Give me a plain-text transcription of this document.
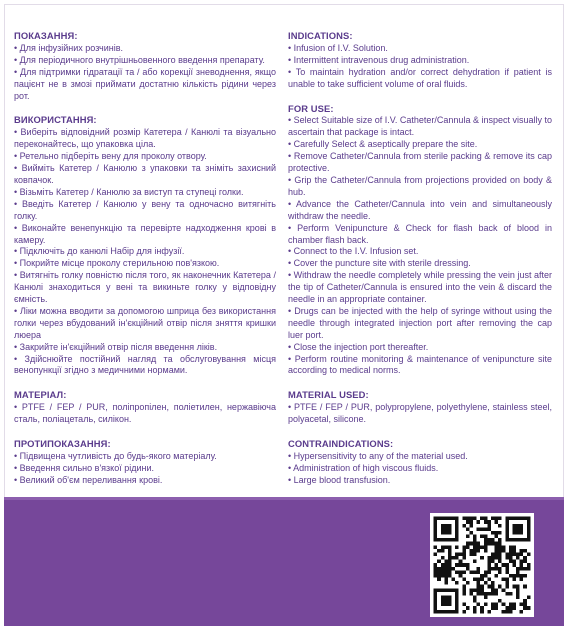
ПОКАЗАННЯ:

• Для інфузійних розчинів.

• Для періодичного внутрішньовенного введення препарату.

• Для підтримки гідратації та / або корекції зневоднення, якщо пацієнт не в змозі приймати достатню кількість рідини через рот.

ВИКОРИСТАННЯ:

• Виберіть відповідний розмір Катетера / Канюлі та візуально переконайтесь, що упаковка ціла.

• Ретельно підберіть вену для проколу отвору.

• Вийміть Катетер / Канюлю з упаковки та зніміть захисний ковпачок.

• Візьміть Катетер / Канюлю за виступ та ступеці голки.

• Введіть Катетер / Канюлю у вену та одночасно витягніть голку.

• Виконайте венепункцію та перевірте надходження крові в камеру.

• Підключіть до канюлі Набір для інфузії.

• Покрийте місце проколу стерильною пов'язкою.

• Витягніть голку повністю після того, як наконечник Катетера / Канюлі знаходиться у вені та викиньте голку у відповідну ємність.

• Ліки можна вводити за допомогою шприца без використання голки через вбудований ін'єкційний отвір після зняття кришки люера

• Закрийте ін'єкційний отвір після введення ліків.

• Здійснюйте постійний нагляд та обслуговування місця венопункції згідно з медичними нормами.

МАТЕРІАЛ:

• PTFE / FEP / PUR, поліпропілен, поліетилен, нержавіюча сталь, поліацеталь, силікон.

ПРОТИПОКАЗАННЯ:

• Підвищена чутливість до будь-якого матеріалу.

• Введення сильно в'язкої рідини.

• Великий об'єм переливання крові.

INDICATIONS:

• Infusion of I.V. Solution.

• Intermittent intravenous drug administration.

• To maintain hydration and/or correct dehydration if patient is unable to take sufficient volume of oral fluids.

FOR USE:

• Select Suitable size of I.V. Catheter/Cannula & inspect visually to ascertain that package is intact.

• Carefully Select & aseptically prepare the site.

• Remove Catheter/Cannula from sterile packing & remove its cap protective.

• Grip the Catheter/Cannula from projections provided on body & hub.

• Advance the Catheter/Cannula into vein and simultaneously withdraw the needle.

• Perform Venipuncture & Check for flash back of blood in chamber flash back.

• Connect to the I.V. Infusion set.

• Cover the puncture site with sterile dressing.

• Withdraw the needle completely while pressing the vein just after the tip of Catheter/Cannula is ensured into the vein & discard the needle in an appropriate container.

• Drugs can be injected with the help of syringe without using the needle through integrated injection port after removing the cap luer port.

• Close the injection port thereafter.

• Perform routine monitoring & maintenance of venipuncture site according to medical norms.

MATERIAL USED:

• PTFE / FEP / PUR, polypropylene, polyethylene, stainless steel, polyacetal, silicone.

CONTRAINDICATIONS:

• Hypersensitivity to any of the material used.

• Administration of high viscous fluids.

• Large blood transfusion.
